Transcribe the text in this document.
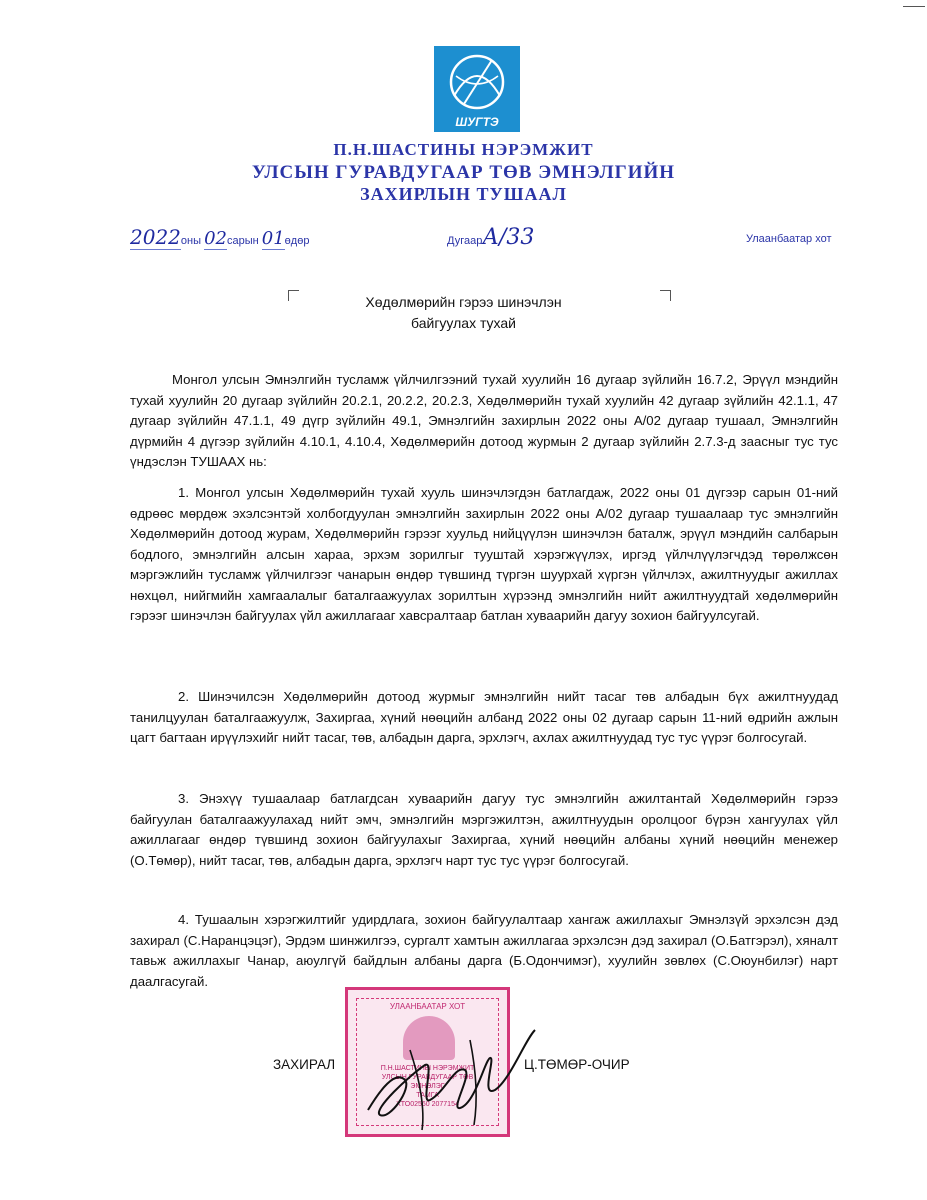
ШУГТЭ
П.Н.ШАСТИНЫ НЭРЭМЖИТ
УЛСЫН ГУРАВДУГААР ТӨВ ЭМНЭЛГИЙН
ЗАХИРЛЫН ТУШААЛ
2022оны 02сарын 01өдөр	ДугаарА/33	Улаанбаатар хот
Хөдөлмөрийн гэрээ шинэчлэн
байгуулах тухай
Монгол улсын Эмнэлгийн тусламж үйлчилгээний тухай хуулийн 16 дугаар зүйлийн 16.7.2, Эрүүл мэндийн тухай хуулийн 20 дугаар зүйлийн 20.2.1, 20.2.2, 20.2.3, Хөдөлмөрийн тухай хуулийн 42 дугаар зүйлийн 42.1.1, 47 дугаар зүйлийн 47.1.1, 49 дүгр зүйлийн 49.1, Эмнэлгийн захирлын 2022 оны А/02 дугаар тушаал, Эмнэлгийн дүрмийн 4 дүгээр зүйлийн 4.10.1, 4.10.4, Хөдөлмөрийн дотоод журмын 2 дугаар зүйлийн 2.7.3-д заасныг тус тус үндэслэн ТУШААХ нь:
1. Монгол улсын Хөдөлмөрийн тухай хууль шинэчлэгдэн батлагдаж, 2022 оны 01 дүгээр сарын 01-ний өдрөөс мөрдөж эхэлсэнтэй холбогдуулан эмнэлгийн захирлын 2022 оны А/02 дугаар тушаалаар тус эмнэлгийн Хөдөлмөрийн дотоод журам, Хөдөлмөрийн гэрээг хуульд нийцүүлэн шинэчлэн баталж, эрүүл мэндийн салбарын бодлого, эмнэлгийн алсын хараа, эрхэм зорилгыг тууштай хэрэгжүүлэх, иргэд үйлчлүүлэгчдэд төрөлжсөн мэргэжлийн тусламж үйлчилгээг чанарын өндөр түвшинд түргэн шуурхай хүргэн үйлчлэх, ажилтнуудыг ажиллах нөхцөл, нийгмийн хамгаалалыг баталгаажуулах зорилтын хүрээнд эмнэлгийн нийт ажилтнуудтай хөдөлмөрийн гэрээг шинэчлэн байгуулах үйл ажиллагааг хавсралтаар батлан хуваарийн дагуу зохион байгуулсугай.
2. Шинэчилсэн Хөдөлмөрийн дотоод журмыг эмнэлгийн нийт тасаг төв албадын бүх ажилтнуудад танилцуулан баталгаажуулж, Захиргаа, хүний нөөцийн албанд 2022 оны 02 дугаар сарын 11-ний өдрийн ажлын цагт багтаан ирүүлэхийг нийт тасаг, төв, албадын дарга, эрхлэгч, ахлах ажилтнуудад тус тус үүрэг болгосугай.
3. Энэхүү тушаалаар батлагдсан хуваарийн дагуу тус эмнэлгийн ажилтантай Хөдөлмөрийн гэрээ байгуулан баталгаажуулахад нийт эмч, эмнэлгийн мэргэжилтэн, ажилтнуудын оролцоог бүрэн хангуулах үйл ажиллагааг өндөр түвшинд зохион байгуулахыг Захиргаа, хүний нөөцийн албаны хүний нөөцийн менежер (О.Төмөр), нийт тасаг, төв, албадын дарга, эрхлэгч нарт тус тус үүрэг болгосугай.
4. Тушаалын хэрэгжилтийг удирдлага, зохион байгуулалтаар хангаж ажиллахыг Эмнэлзүй эрхэлсэн дэд захирал (С.Наранцэцэг), Эрдэм шинжилгээ, сургалт хамтын ажиллагаа эрхэлсэн дэд захирал (О.Батгэрэл), хяналт тавьж ажиллахыг Чанар, аюулгүй байдлын албаны дарга (Б.Одончимэг), хуулийн зөвлөх (С.Оюунбилэг) нарт даалгасугай.
УЛААНБААТАР ХОТ
П.Н.ШАСТИНЫ НЭРЭМЖИТ
УЛСЫН ГУРАВДУГААР ТӨВ
ЭМНЭЛЭГ
ТАМГА
ХТО02560 2077154
ЗАХИРАЛ	Ц.ТӨМӨР-ОЧИР
